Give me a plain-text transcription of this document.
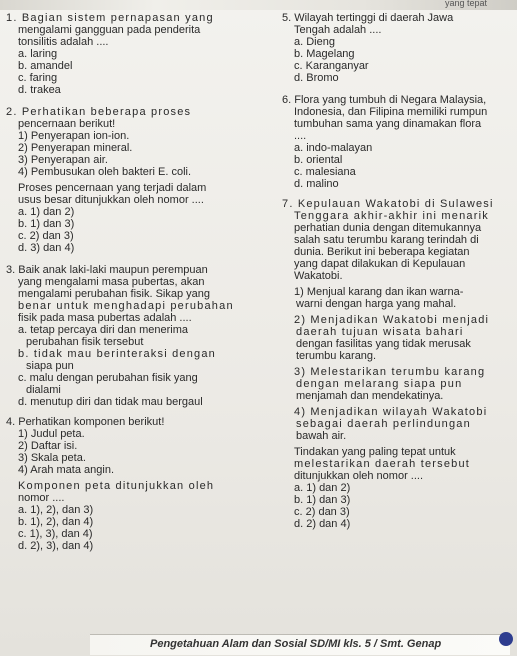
yang tepat
1. Bagian sistem pernapasan yang
mengalami gangguan pada penderita
tonsilitis adalah ....
a. laring
b. amandel
c. faring
d. trakea
2. Perhatikan beberapa proses
pencernaan berikut!
1) Penyerapan ion-ion.
2) Penyerapan mineral.
3) Penyerapan air.
4) Pembusukan oleh bakteri E. coli.
Proses pencernaan yang terjadi dalam
usus besar ditunjukkan oleh nomor ....
a. 1) dan 2)
b. 1) dan 3)
c. 2) dan 3)
d. 3) dan 4)
3. Baik anak laki-laki maupun perempuan
yang mengalami masa pubertas, akan
mengalami perubahan fisik. Sikap yang
benar untuk menghadapi perubahan
fisik pada masa pubertas adalah ....
a. tetap percaya diri dan menerima
perubahan fisik tersebut
b. tidak mau berinteraksi dengan
siapa pun
c. malu dengan perubahan fisik yang
dialami
d. menutup diri dan tidak mau bergaul
4. Perhatikan komponen berikut!
1) Judul peta.
2) Daftar isi.
3) Skala peta.
4) Arah mata angin.
Komponen peta ditunjukkan oleh
nomor ....
a. 1), 2), dan 3)
b. 1), 2), dan 4)
c. 1), 3), dan 4)
d. 2), 3), dan 4)
5. Wilayah tertinggi di daerah Jawa
Tengah adalah ....
a. Dieng
b. Magelang
c. Karanganyar
d. Bromo
6. Flora yang tumbuh di Negara Malaysia,
Indonesia, dan Filipina memiliki rumpun
tumbuhan sama yang dinamakan flora
....
a. indo-malayan
b. oriental
c. malesiana
d. malino
7. Kepulauan Wakatobi di Sulawesi
Tenggara akhir-akhir ini menarik
perhatian dunia dengan ditemukannya
salah satu terumbu karang terindah di
dunia. Berikut ini beberapa kegiatan
yang dapat dilakukan di Kepulauan
Wakatobi.
1) Menjual karang dan ikan warna-
warni dengan harga yang mahal.
2) Menjadikan Wakatobi menjadi
daerah tujuan wisata bahari
dengan fasilitas yang tidak merusak
terumbu karang.
3) Melestarikan terumbu karang
dengan melarang siapa pun
menjamah dan mendekatinya.
4) Menjadikan wilayah Wakatobi
sebagai daerah perlindungan
bawah air.
Tindakan yang paling tepat untuk
melestarikan daerah tersebut
ditunjukkan oleh nomor ....
a. 1) dan 2)
b. 1) dan 3)
c. 2) dan 3)
d. 2) dan 4)
Pengetahuan Alam dan Sosial SD/MI kls. 5 / Smt. Genap
